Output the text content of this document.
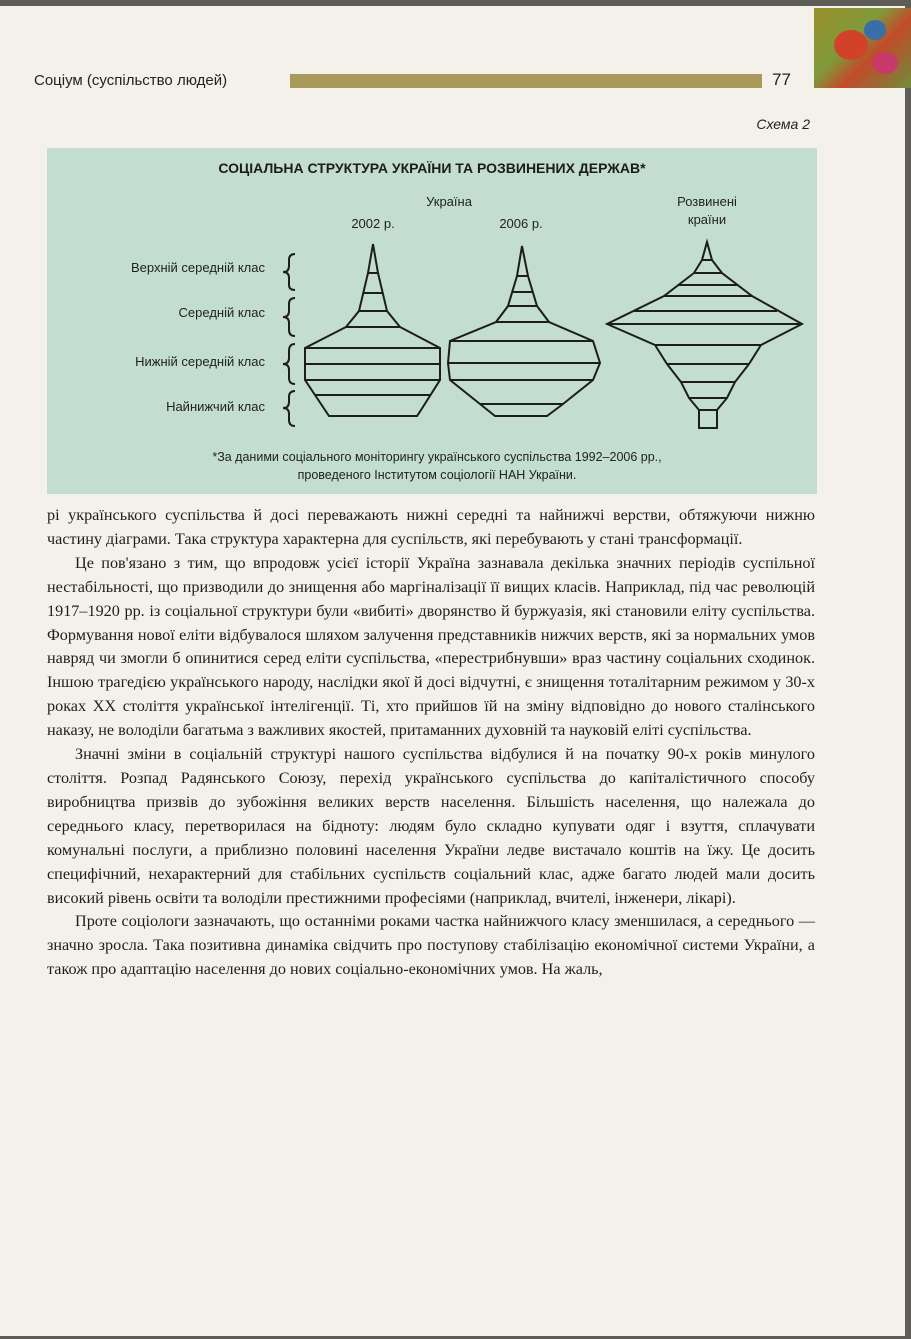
Соціум (суспільство людей)	77
Схема 2
СОЦІАЛЬНА СТРУКТУРА УКРАЇНИ ТА РОЗВИНЕНИХ ДЕРЖАВ*
Україна
2002 р.	2006 р.
Розвинені
країни
Верхній середній клас
Середній клас
Нижній середній клас
Найнижчий клас
*За даними соціального моніторингу українського суспільства 1992–2006 рр.,
проведеного Інститутом соціології НАН України.

рі українського суспільства й досі переважають нижні середні та найнижчі верстви, обтяжуючи нижню частину діаграми. Така структура характерна для суспільств, які перебувають у стані трансформації.

Це пов'язано з тим, що впродовж усієї історії Україна зазнавала декілька значних періодів суспільної нестабільності, що призводили до знищення або маргіналізації її вищих класів. Наприклад, під час революцій 1917–1920 рр. із соціальної структури були «вибиті» дворянство й буржуазія, які становили еліту суспільства. Формування нової еліти відбувалося шляхом залучення представників нижчих верств, які за нормальних умов навряд чи змогли б опинитися серед еліти суспільства, «перестрибнувши» враз частину соціальних сходинок. Іншою трагедією українського народу, наслідки якої й досі відчутні, є знищення тоталітарним режимом у 30-х роках XX століття української інтелігенції. Ті, хто прийшов їй на зміну відповідно до нового сталінського наказу, не володіли багатьма з важливих якостей, притаманних духовній та науковій еліті суспільства.

Значні зміни в соціальній структурі нашого суспільства відбулися й на початку 90-х років минулого століття. Розпад Радянського Союзу, перехід українського суспільства до капіталістичного способу виробництва призвів до зубожіння великих верств населення. Більшість населення, що належала до середнього класу, перетворилася на бідноту: людям було складно купувати одяг і взуття, сплачувати комунальні послуги, а приблизно половині населення України ледве вистачало коштів на їжу. Це досить специфічний, нехарактерний для стабільних суспільств соціальний клас, адже багато людей мали досить високий рівень освіти та володіли престижними професіями (наприклад, вчителі, інженери, лікарі).

Проте соціологи зазначають, що останніми роками частка найнижчого класу зменшилася, а середнього — значно зросла. Така позитивна динаміка свідчить про поступову стабілізацію економічної системи України, а також про адаптацію населення до нових соціально-економічних умов. На жаль,
